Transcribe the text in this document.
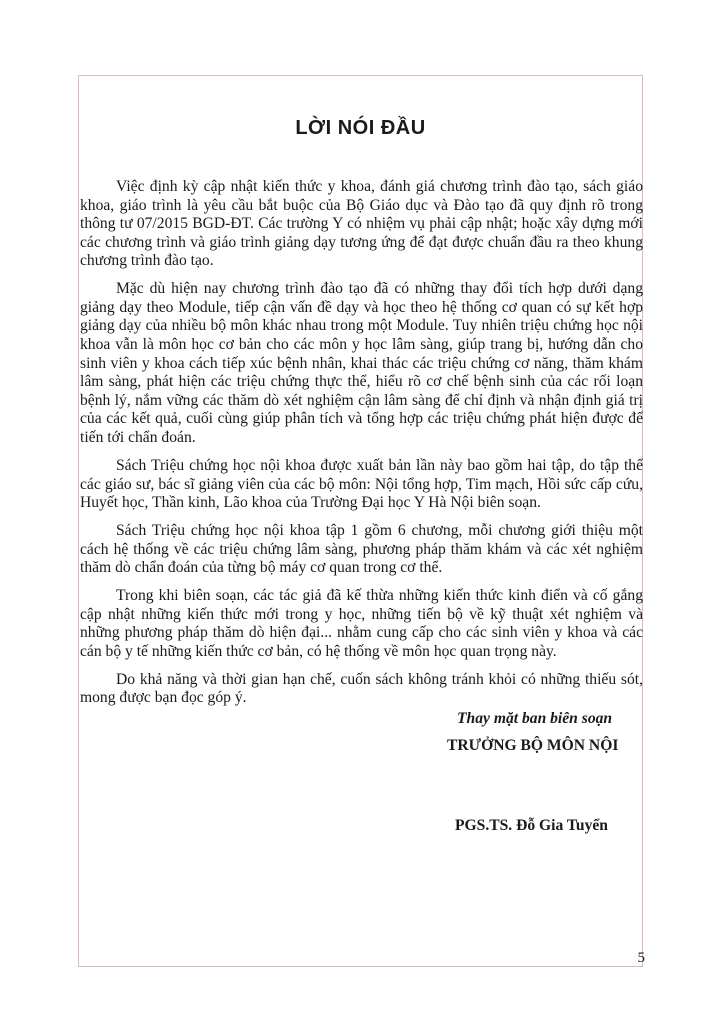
LỜI NÓI ĐẦU

Việc định kỳ cập nhật kiến thức y khoa, đánh giá chương trình đào tạo, sách giáo khoa, giáo trình là yêu cầu bắt buộc của Bộ Giáo dục và Đào tạo đã quy định rõ trong thông tư 07/2015 BGD-ĐT. Các trường Y có nhiệm vụ phải cập nhật; hoặc xây dựng mới các chương trình và giáo trình giảng dạy tương ứng để đạt được chuẩn đầu ra theo khung chương trình đào tạo.

Mặc dù hiện nay chương trình đào tạo đã có những thay đổi tích hợp dưới dạng giảng dạy theo Module, tiếp cận vấn đề dạy và học theo hệ thống cơ quan có sự kết hợp giảng dạy của nhiều bộ môn khác nhau trong một Module. Tuy nhiên triệu chứng học nội khoa vẫn là môn học cơ bản cho các môn y học lâm sàng, giúp trang bị, hướng dẫn cho sinh viên y khoa cách tiếp xúc bệnh nhân, khai thác các triệu chứng cơ năng, thăm khám lâm sàng, phát hiện các triệu chứng thực thể, hiểu rõ cơ chế bệnh sinh của các rối loạn bệnh lý, nắm vững các thăm dò xét nghiệm cận lâm sàng để chỉ định và nhận định giá trị của các kết quả, cuối cùng giúp phân tích và tổng hợp các triệu chứng phát hiện được để tiến tới chẩn đoán.

Sách Triệu chứng học nội khoa được xuất bản lần này bao gồm hai tập, do tập thể các giáo sư, bác sĩ giảng viên của các bộ môn: Nội tổng hợp, Tim mạch, Hồi sức cấp cứu, Huyết học, Thần kinh, Lão khoa của Trường Đại học Y Hà Nội biên soạn.

Sách Triệu chứng học nội khoa tập 1 gồm 6 chương, mỗi chương giới thiệu một cách hệ thống về các triệu chứng lâm sàng, phương pháp thăm khám và các xét nghiệm thăm dò chẩn đoán của từng bộ máy cơ quan trong cơ thể.

Trong khi biên soạn, các tác giả đã kế thừa những kiến thức kinh điển và cố gắng cập nhật những kiến thức mới trong y học, những tiến bộ về kỹ thuật xét nghiệm và những phương pháp thăm dò hiện đại... nhằm cung cấp cho các sinh viên y khoa và các cán bộ y tế những kiến thức cơ bản, có hệ thống về môn học quan trọng này.

Do khả năng và thời gian hạn chế, cuốn sách không tránh khỏi có những thiếu sót, mong được bạn đọc góp ý.

Thay mặt ban biên soạn
TRƯỞNG BỘ MÔN NỘI
PGS.TS. Đỗ Gia Tuyển
5
